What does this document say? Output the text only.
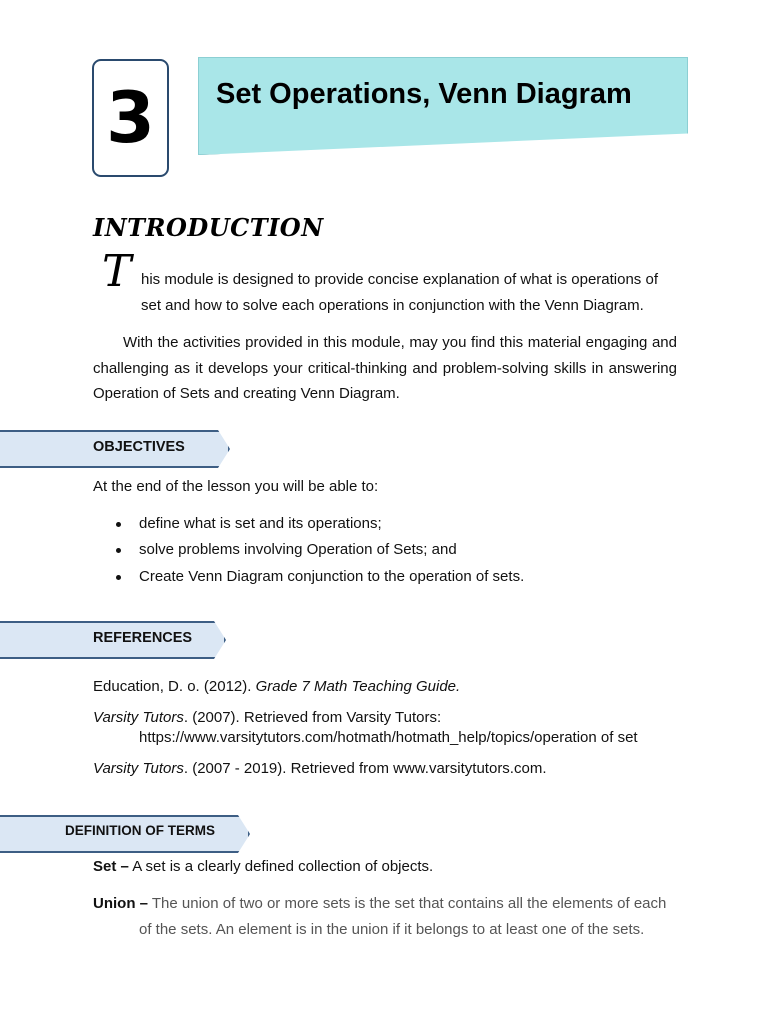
3 Set Operations, Venn Diagram
INTRODUCTION
T his module is designed to provide concise explanation of what is operations of set and how to solve each operations in conjunction with the Venn Diagram.
With the activities provided in this module, may you find this material engaging and challenging as it develops your critical-thinking and problem-solving skills in answering Operation of Sets and creating Venn Diagram.
OBJECTIVES
At the end of the lesson you will be able to:
define what is set and its operations;
solve problems involving Operation of Sets; and
Create Venn Diagram conjunction to the operation of sets.
REFERENCES
Education, D. o. (2012). Grade 7 Math Teaching Guide.
Varsity Tutors. (2007). Retrieved from Varsity Tutors:
https://www.varsitytutors.com/hotmath/hotmath_help/topics/operation of set
Varsity Tutors. (2007 - 2019). Retrieved from www.varsitytutors.com.
DEFINITION OF TERMS
Set – A set is a clearly defined collection of objects.
Union – The union of two or more sets is the set that contains all the elements of each
of the sets. An element is in the union if it belongs to at least one of the sets.
